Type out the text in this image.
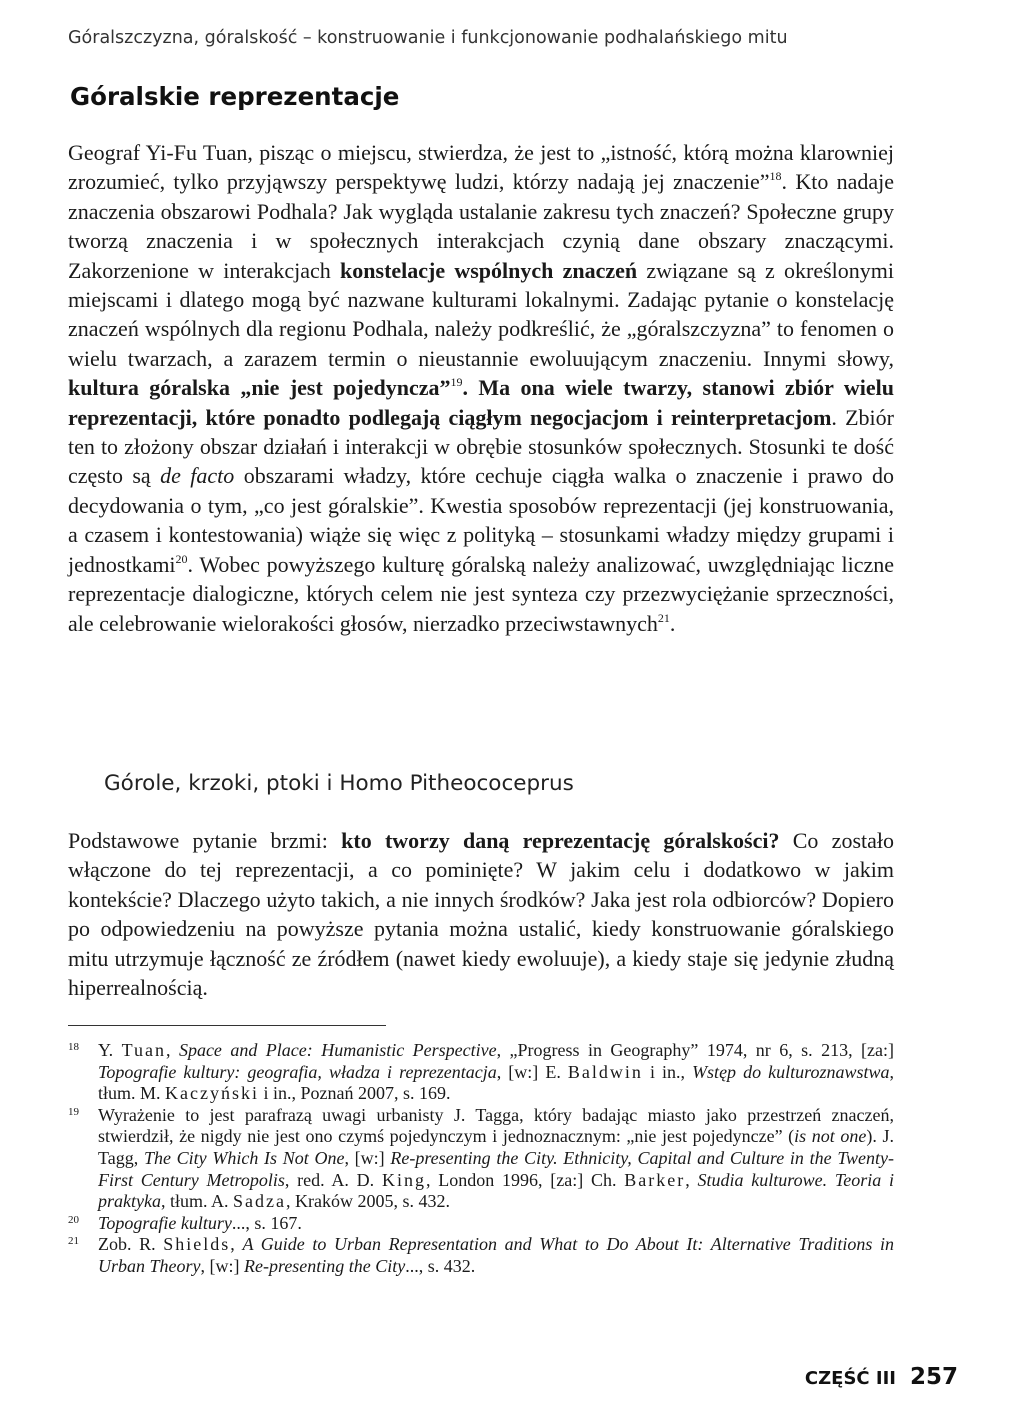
Góralszczyzna, góralskość – konstruowanie i funkcjonowanie podhalańskiego mitu
Góralskie reprezentacje

Geograf Yi-Fu Tuan, pisząc o miejscu, stwierdza, że jest to „istność, którą można klarowniej zrozumieć, tylko przyjąwszy perspektywę ludzi, którzy nadają jej znaczenie”$^{18}$. Kto nadaje znaczenia obszarowi Podhala? Jak wygląda ustalanie zakresu tych znaczeń? Społeczne grupy tworzą znaczenia i w społecznych interakcjach czynią dane obszary znaczącymi. Zakorzenione w interakcjach konstelacje wspólnych znaczeń związane są z określonymi miejscami i dlatego mogą być nazwane kulturami lokalnymi. Zadając pytanie o konstelację znaczeń wspólnych dla regionu Podhala, należy podkreślić, że „góralszczyzna” to fenomen o wielu twarzach, a zarazem termin o nieustannie ewoluującym znaczeniu. Innymi słowy, kultura góralska „nie jest pojedyncza”$^{19}$. Ma ona wiele twarzy, stanowi zbiór wielu reprezentacji, które ponadto podlegają ciągłym negocjacjom i reinterpretacjom. Zbiór ten to złożony obszar działań i interakcji w obrębie stosunków społecznych. Stosunki te dość często są de facto obszarami władzy, które cechuje ciągła walka o znaczenie i prawo do decydowania o tym, „co jest góralskie”. Kwestia sposobów reprezentacji (jej konstruowania, a czasem i kontestowania) wiąże się więc z polityką – stosunkami władzy między grupami i jednostkami$^{20}$. Wobec powyższego kulturę góralską należy analizować, uwzględniając liczne reprezentacje dialogiczne, których celem nie jest synteza czy przezwyciężanie sprzeczności, ale celebrowanie wielorakości głosów, nierzadko przeciwstawnych$^{21}$.

Górole, krzoki, ptoki i Homo Pitheococeprus

Podstawowe pytanie brzmi: kto tworzy daną reprezentację góralskości? Co zostało włączone do tej reprezentacji, a co pominięte? W jakim celu i dodatkowo w jakim kontekście? Dlaczego użyto takich, a nie innych środków? Jaka jest rola odbiorców? Dopiero po odpowiedzeniu na powyższe pytania można ustalić, kiedy konstruowanie góralskiego mitu utrzymuje łączność ze źródłem (nawet kiedy ewoluuje), a kiedy staje się jedynie złudną hiperrealnością.

18 Y. Tuan, Space and Place: Humanistic Perspective, „Progress in Geography” 1974, nr 6, s. 213, [za:] Topografie kultury: geografia, władza i reprezentacja, [w:] E. Baldwin i in., Wstęp do kulturoznawstwa, tłum. M. Kaczyński i in., Poznań 2007, s. 169.
19 Wyrażenie to jest parafrazą uwagi urbanisty J. Tagga, który badając miasto jako przestrzeń znaczeń, stwierdził, że nigdy nie jest ono czymś pojedynczym i jednoznacznym: „nie jest pojedyncze” (is not one). J. Tagg, The City Which Is Not One, [w:] Re-presenting the City. Ethnicity, Capital and Culture in the Twenty-First Century Metropolis, red. A. D. King, London 1996, [za:] Ch. Barker, Studia kulturowe. Teoria i praktyka, tłum. A. Sadza, Kraków 2005, s. 432.
20 Topografie kultury..., s. 167.
21 Zob. R. Shields, A Guide to Urban Representation and What to Do About It: Alternative Traditions in Urban Theory, [w:] Re-presenting the City..., s. 432.
CZĘŚĆ III 257
